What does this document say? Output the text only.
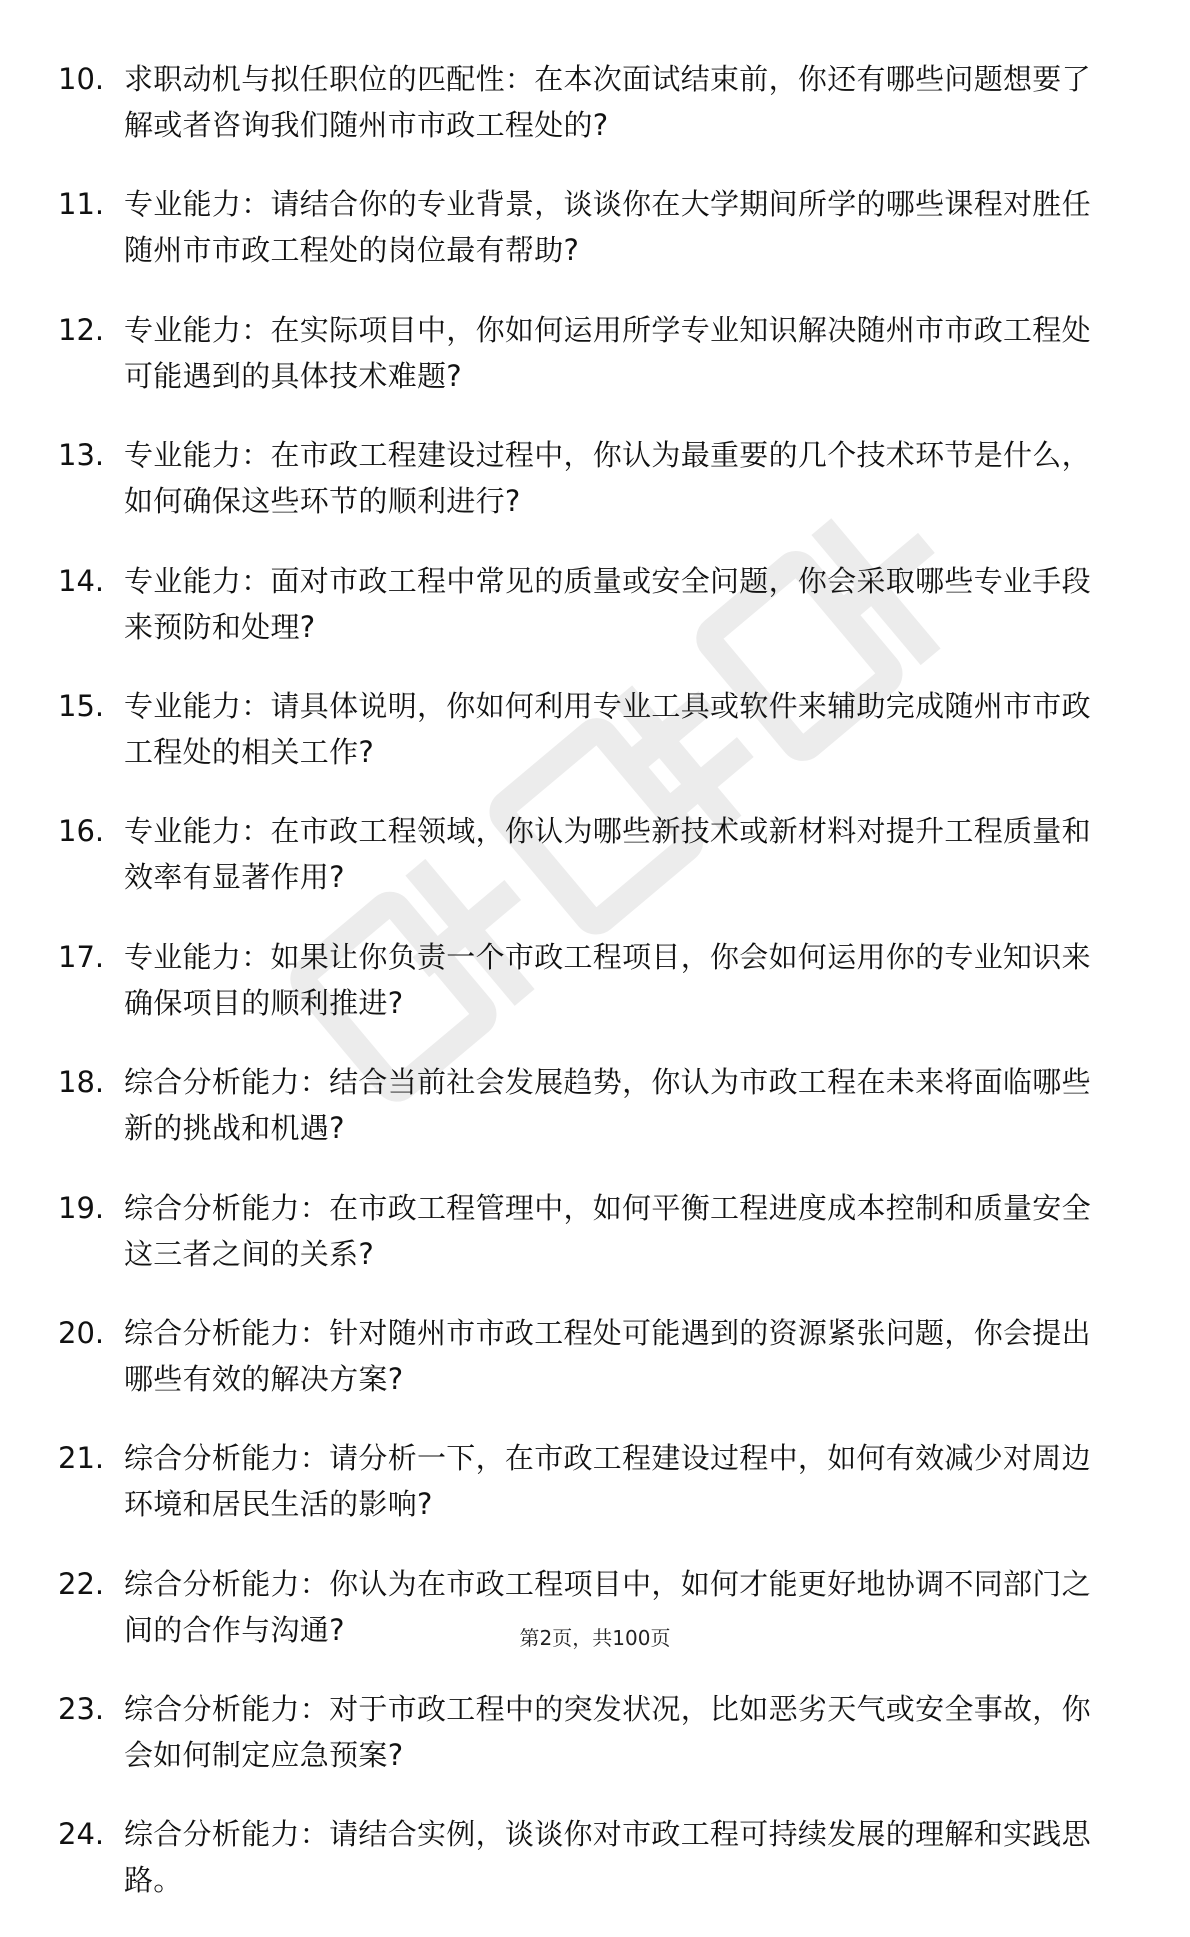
10. 求职动机与拟任职位的匹配性：在本次面试结束前，你还有哪些问题想要了解或者咨询我们随州市市政工程处的?
11. 专业能力：请结合你的专业背景，谈谈你在大学期间所学的哪些课程对胜任随州市市政工程处的岗位最有帮助?
12. 专业能力：在实际项目中，你如何运用所学专业知识解决随州市市政工程处可能遇到的具体技术难题?
13. 专业能力：在市政工程建设过程中，你认为最重要的几个技术环节是什么，如何确保这些环节的顺利进行?
14. 专业能力：面对市政工程中常见的质量或安全问题，你会采取哪些专业手段来预防和处理?
15. 专业能力：请具体说明，你如何利用专业工具或软件来辅助完成随州市市政工程处的相关工作?
16. 专业能力：在市政工程领域，你认为哪些新技术或新材料对提升工程质量和效率有显著作用?
17. 专业能力：如果让你负责一个市政工程项目，你会如何运用你的专业知识来确保项目的顺利推进?
18. 综合分析能力：结合当前社会发展趋势，你认为市政工程在未来将面临哪些新的挑战和机遇?
19. 综合分析能力：在市政工程管理中，如何平衡工程进度成本控制和质量安全这三者之间的关系?
20. 综合分析能力：针对随州市市政工程处可能遇到的资源紧张问题，你会提出哪些有效的解决方案?
21. 综合分析能力：请分析一下，在市政工程建设过程中，如何有效减少对周边环境和居民生活的影响?
22. 综合分析能力：你认为在市政工程项目中，如何才能更好地协调不同部门之间的合作与沟通?
23. 综合分析能力：对于市政工程中的突发状况，比如恶劣天气或安全事故，你会如何制定应急预案?
24. 综合分析能力：请结合实例，谈谈你对市政工程可持续发展的理解和实践思路。
第2页，共100页
